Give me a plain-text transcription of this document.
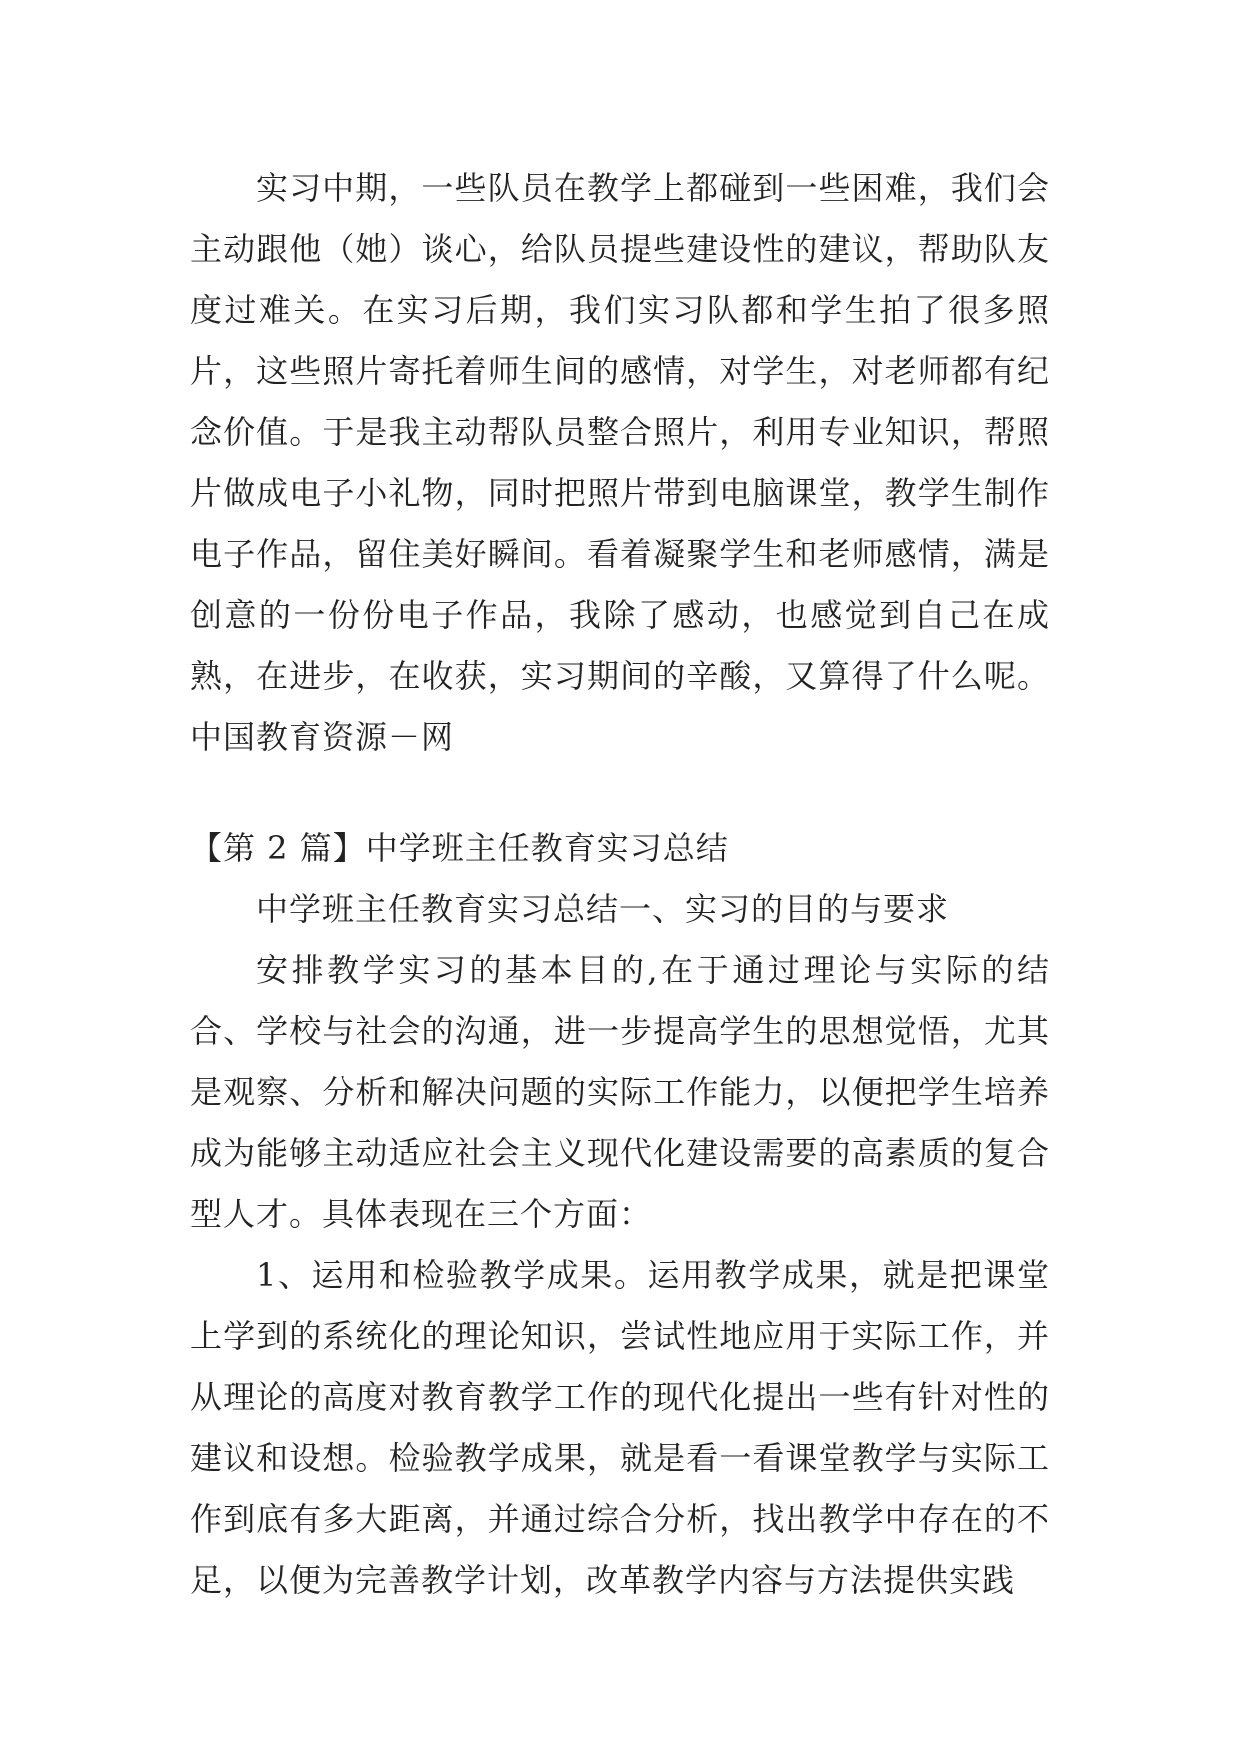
实习中期，一些队员在教学上都碰到一些困难，我们会主动跟他（她）谈心，给队员提些建设性的建议，帮助队友度过难关。在实习后期，我们实习队都和学生拍了很多照片，这些照片寄托着师生间的感情，对学生，对老师都有纪念价值。于是我主动帮队员整合照片，利用专业知识，帮照片做成电子小礼物，同时把照片带到电脑课堂，教学生制作电子作品，留住美好瞬间。看着凝聚学生和老师感情，满是创意的一份份电子作品，我除了感动，也感觉到自己在成熟，在进步，在收获，实习期间的辛酸，又算得了什么呢。中国教育资源－网

【第 2 篇】中学班主任教育实习总结

中学班主任教育实习总结一、实习的目的与要求

安排教学实习的基本目的,在于通过理论与实际的结合、学校与社会的沟通，进一步提高学生的思想觉悟，尤其是观察、分析和解决问题的实际工作能力，以便把学生培养成为能够主动适应社会主义现代化建设需要的高素质的复合型人才。具体表现在三个方面：

1、运用和检验教学成果。运用教学成果，就是把课堂上学到的系统化的理论知识，尝试性地应用于实际工作，并从理论的高度对教育教学工作的现代化提出一些有针对性的建议和设想。检验教学成果，就是看一看课堂教学与实际工作到底有多大距离，并通过综合分析，找出教学中存在的不足，以便为完善教学计划，改革教学内容与方法提供实践
